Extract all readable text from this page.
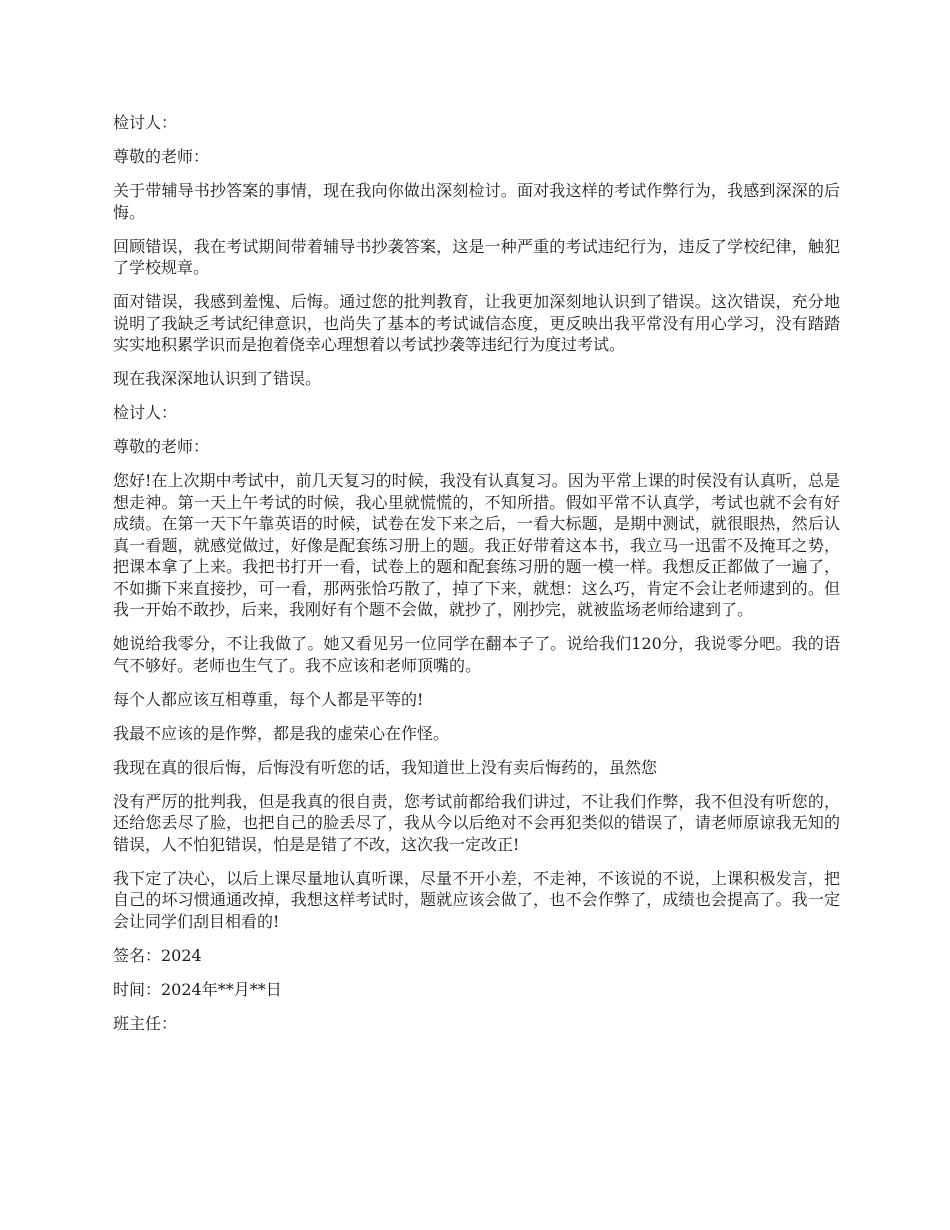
检讨人：

尊敬的老师：

关于带辅导书抄答案的事情，现在我向你做出深刻检讨。面对我这样的考试作弊行为，我感到深深的后悔。

回顾错误，我在考试期间带着辅导书抄袭答案，这是一种严重的考试违纪行为，违反了学校纪律，触犯了学校规章。

面对错误，我感到羞愧、后悔。通过您的批判教育，让我更加深刻地认识到了错误。这次错误，充分地说明了我缺乏考试纪律意识，也尚失了基本的考试诚信态度，更反映出我平常没有用心学习，没有踏踏实实地积累学识而是抱着侥幸心理想着以考试抄袭等违纪行为度过考试。

现在我深深地认识到了错误。

检讨人：

尊敬的老师：

您好!在上次期中考试中，前几天复习的时候，我没有认真复习。因为平常上课的时侯没有认真听，总是想走神。第一天上午考试的时候，我心里就慌慌的，不知所措。假如平常不认真学，考试也就不会有好成绩。在第一天下午靠英语的时候，试卷在发下来之后，一看大标题，是期中测试，就很眼热，然后认真一看题，就感觉做过，好像是配套练习册上的题。我正好带着这本书，我立马一迅雷不及掩耳之势，把课本拿了上来。我把书打开一看，试卷上的题和配套练习册的题一模一样。我想反正都做了一遍了，不如撕下来直接抄，可一看，那两张恰巧散了，掉了下来，就想：这么巧，肯定不会让老师逮到的。但我一开始不敢抄，后来，我刚好有个题不会做，就抄了，刚抄完，就被监场老师给逮到了。

她说给我零分，不让我做了。她又看见另一位同学在翻本子了。说给我们120分，我说零分吧。我的语气不够好。老师也生气了。我不应该和老师顶嘴的。

每个人都应该互相尊重，每个人都是平等的!

我最不应该的是作弊，都是我的虚荣心在作怪。

我现在真的很后悔，后悔没有听您的话，我知道世上没有卖后悔药的，虽然您

没有严厉的批判我，但是我真的很自责，您考试前都给我们讲过，不让我们作弊，我不但没有听您的，还给您丢尽了脸，也把自己的脸丢尽了，我从今以后绝对不会再犯类似的错误了，请老师原谅我无知的错误，人不怕犯错误，怕是是错了不改，这次我一定改正!

我下定了决心，以后上课尽量地认真听课，尽量不开小差，不走神，不该说的不说，上课积极发言，把自己的坏习惯通通改掉，我想这样考试时，题就应该会做了，也不会作弊了，成绩也会提高了。我一定会让同学们刮目相看的!

签名：2024

时间：2024年**月**日

班主任：
